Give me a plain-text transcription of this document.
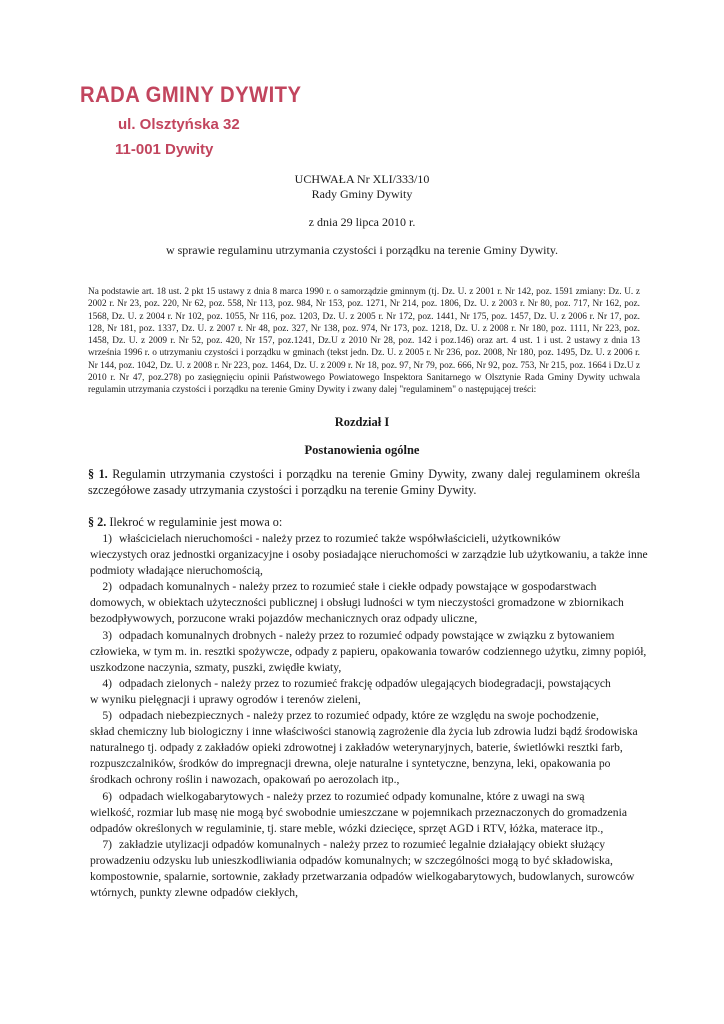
RADA GMINY DYWITY
ul. Olsztyńska 32
11-001 Dywity
UCHWAŁA Nr XLI/333/10
Rady Gminy Dywity
z dnia 29 lipca 2010 r.
w sprawie regulaminu utrzymania czystości i porządku na terenie Gminy Dywity.
Na podstawie art. 18 ust. 2 pkt 15 ustawy z dnia 8 marca 1990 r. o samorządzie gminnym (tj. Dz. U. z 2001 r. Nr 142, poz. 1591 zmiany: Dz. U. z 2002 r. Nr 23, poz. 220, Nr 62, poz. 558, Nr 113, poz. 984, Nr 153, poz. 1271, Nr 214, poz. 1806, Dz. U. z 2003 r. Nr 80, poz. 717, Nr 162, poz. 1568, Dz. U. z 2004 r. Nr 102, poz. 1055, Nr 116, poz. 1203, Dz. U. z 2005 r. Nr 172, poz. 1441, Nr 175, poz. 1457, Dz. U. z 2006 r. Nr 17, poz. 128, Nr 181, poz. 1337, Dz. U. z 2007 r. Nr 48, poz. 327, Nr 138, poz. 974, Nr 173, poz. 1218, Dz. U. z 2008 r. Nr 180, poz. 1111, Nr 223, poz. 1458, Dz. U. z 2009 r. Nr 52, poz. 420, Nr 157, poz.1241, Dz.U z 2010 Nr 28, poz. 142 i poz.146) oraz art. 4 ust. 1 i ust. 2 ustawy z dnia 13 września 1996 r. o utrzymaniu czystości i porządku w gminach (tekst jedn. Dz. U. z 2005 r. Nr 236, poz. 2008, Nr 180, poz. 1495, Dz. U. z 2006 r. Nr 144, poz. 1042, Dz. U. z 2008 r. Nr 223, poz. 1464, Dz. U. z 2009 r. Nr 18, poz. 97, Nr 79, poz. 666, Nr 92, poz. 753, Nr 215, poz. 1664 i Dz.U z 2010 r. Nr 47, poz.278) po zasięgnięciu opinii Państwowego Powiatowego Inspektora Sanitarnego w Olsztynie Rada Gminy Dywity uchwala regulamin utrzymania czystości i porządku na terenie Gminy Dywity i zwany dalej "regulaminem" o następującej treści:
Rozdział I
Postanowienia ogólne
§ 1. Regulamin utrzymania czystości i porządku na terenie Gminy Dywity, zwany dalej regulaminem określa szczegółowe zasady utrzymania czystości i porządku na terenie Gminy Dywity.
§ 2. Ilekroć w regulaminie jest mowa o:
1) właścicielach nieruchomości - należy przez to rozumieć także współwłaścicieli, użytkowników
wieczystych oraz jednostki organizacyjne i osoby posiadające nieruchomości w zarządzie lub użytkowaniu, a także inne podmioty władające nieruchomością,
2) odpadach komunalnych - należy przez to rozumieć stałe i ciekłe odpady powstające w gospodarstwach
domowych, w obiektach użyteczności publicznej i obsługi ludności w tym nieczystości gromadzone w zbiornikach bezodpływowych, porzucone wraki pojazdów mechanicznych oraz odpady uliczne,
3) odpadach komunalnych drobnych - należy przez to rozumieć odpady powstające w związku z bytowaniem
człowieka, w tym m. in. resztki spożywcze, odpady z papieru, opakowania towarów codziennego użytku, zimny popiół, uszkodzone naczynia, szmaty, puszki, zwiędłe kwiaty,
4) odpadach zielonych - należy przez to rozumieć frakcję odpadów ulegających biodegradacji, powstających
w wyniku pielęgnacji i uprawy ogrodów i terenów zieleni,
5) odpadach niebezpiecznych - należy przez to rozumieć odpady, które ze względu na swoje pochodzenie,
skład chemiczny lub biologiczny i inne właściwości stanowią zagrożenie dla życia lub zdrowia ludzi bądź środowiska naturalnego tj. odpady z zakładów opieki zdrowotnej i zakładów weterynaryjnych, baterie, świetlówki resztki farb, rozpuszczalników, środków do impregnacji drewna, oleje naturalne i syntetyczne, benzyna, leki, opakowania po środkach ochrony roślin i nawozach, opakowań po aerozolach itp.,
6) odpadach wielkogabarytowych - należy przez to rozumieć odpady komunalne, które z uwagi na swą
wielkość, rozmiar lub masę nie mogą być swobodnie umieszczane w pojemnikach przeznaczonych do gromadzenia odpadów określonych w regulaminie, tj. stare meble, wózki dziecięce, sprzęt AGD i RTV, łóżka, materace itp.,
7) zakładzie utylizacji odpadów komunalnych - należy przez to rozumieć legalnie działający obiekt służący
prowadzeniu odzysku lub unieszkodliwiania odpadów komunalnych; w szczególności mogą to być składowiska, kompostownie, spalarnie, sortownie, zakłady przetwarzania odpadów wielkogabarytowych, budowlanych, surowców wtórnych, punkty zlewne odpadów ciekłych,
